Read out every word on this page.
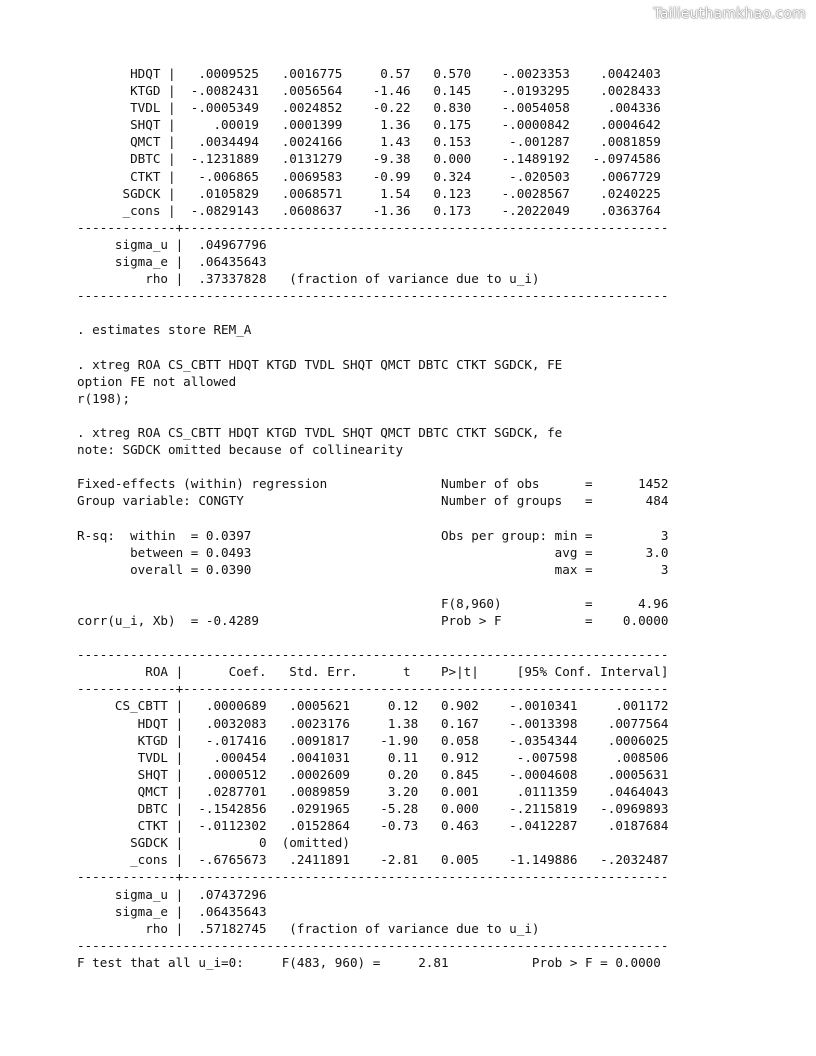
Tailieuthamkhao.com
HDQT |   .0009525   .0016775     0.57   0.570    -.0023353    .0042403
KTGD |  -.0082431   .0056564    -1.46   0.145    -.0193295    .0028433
TVDL |  -.0005349   .0024852    -0.22   0.830    -.0054058     .004336
SHQT |     .00019   .0001399     1.36   0.175    -.0000842    .0004642
QMCT |   .0034494   .0024166     1.43   0.153     -.001287    .0081859
DBTC |  -.1231889   .0131279    -9.38   0.000    -.1489192   -.0974586
CTKT |   -.006865   .0069583    -0.99   0.324     -.020503    .0067729
SGDCK |   .0105829   .0068571     1.54   0.123    -.0028567    .0240225
_cons |  -.0829143   .0608637    -1.36   0.173    -.2022049    .0363764
-------------+----------------------------------------------------------------
sigma_u |  .04967796
sigma_e |  .06435643
rho |  .37337828   (fraction of variance due to u_i)
------------------------------------------------------------------------------
. estimates store REM_A
. xtreg ROA CS_CBTT HDQT KTGD TVDL SHQT QMCT DBTC CTKT SGDCK, FE
option FE not allowed
r(198);
. xtreg ROA CS_CBTT HDQT KTGD TVDL SHQT QMCT DBTC CTKT SGDCK, fe
note: SGDCK omitted because of collinearity
Fixed-effects (within) regression               Number of obs      =      1452
Group variable: CONGTY                          Number of groups   =       484
R-sq:  within  = 0.0397                         Obs per group: min =         3
between = 0.0493                                        avg =       3.0
overall = 0.0390                                        max =         3
F(8,960)           =      4.96
corr(u_i, Xb)  = -0.4289                        Prob > F           =    0.0000
------------------------------------------------------------------------------
ROA |      Coef.   Std. Err.      t    P>|t|     [95% Conf. Interval]
-------------+----------------------------------------------------------------
CS_CBTT |   .0000689   .0005621     0.12   0.902    -.0010341     .001172
HDQT |   .0032083   .0023176     1.38   0.167    -.0013398    .0077564
KTGD |   -.017416   .0091817    -1.90   0.058    -.0354344    .0006025
TVDL |    .000454   .0041031     0.11   0.912     -.007598     .008506
SHQT |   .0000512   .0002609     0.20   0.845    -.0004608    .0005631
QMCT |   .0287701   .0089859     3.20   0.001     .0111359    .0464043
DBTC |  -.1542856   .0291965    -5.28   0.000    -.2115819   -.0969893
CTKT |  -.0112302   .0152864    -0.73   0.463    -.0412287    .0187684
SGDCK |          0  (omitted)
_cons |  -.6765673   .2411891    -2.81   0.005    -1.149886   -.2032487
-------------+----------------------------------------------------------------
sigma_u |  .07437296
sigma_e |  .06435643
rho |  .57182745   (fraction of variance due to u_i)
------------------------------------------------------------------------------
F test that all u_i=0:     F(483, 960) =     2.81           Prob > F = 0.0000
